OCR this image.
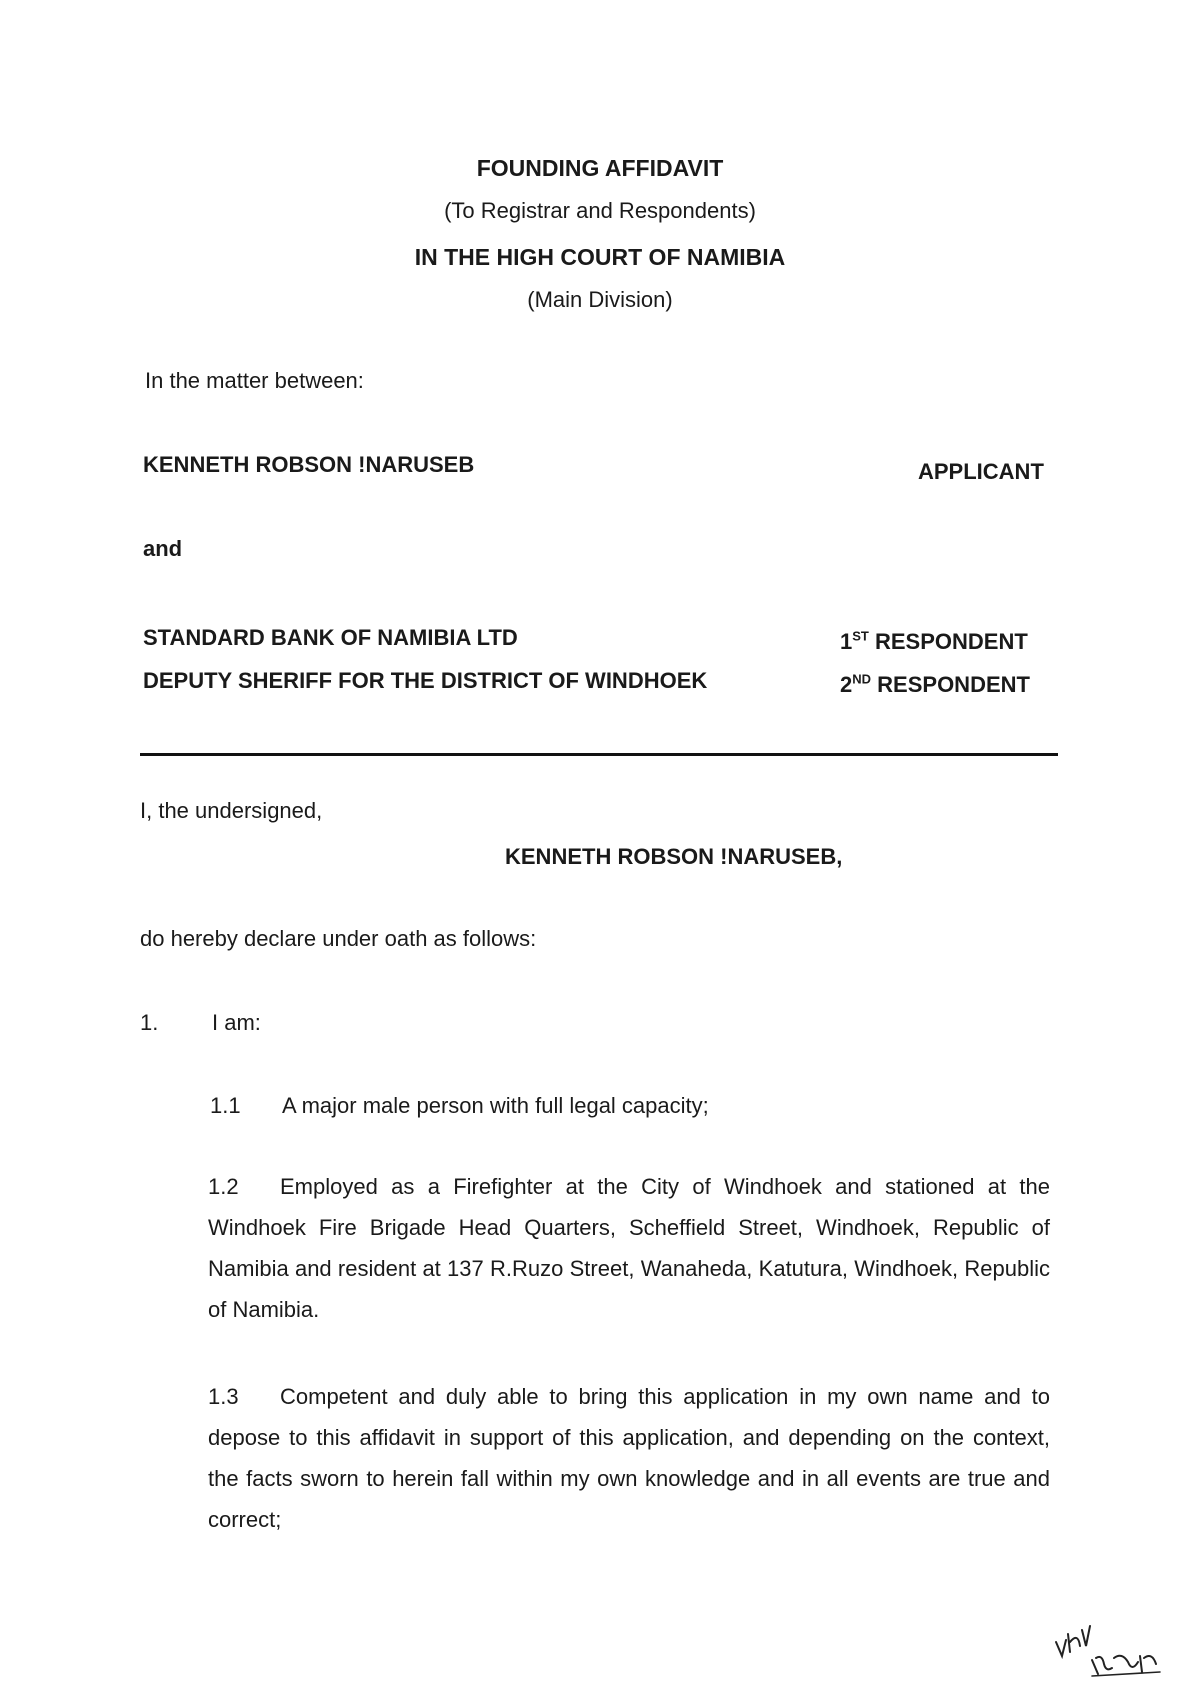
FOUNDING AFFIDAVIT
(To Registrar and Respondents)
IN THE HIGH COURT OF NAMIBIA
(Main Division)
In the matter between:
KENNETH ROBSON !NARUSEB	APPLICANT
and
STANDARD BANK OF NAMIBIA LTD	1ST RESPONDENT
DEPUTY SHERIFF FOR THE DISTRICT OF WINDHOEK	2ND RESPONDENT
I, the undersigned,
KENNETH ROBSON !NARUSEB,
do hereby declare under oath as follows:
1. I am:
1.1 A major male person with full legal capacity;
1.2 Employed as a Firefighter at the City of Windhoek and stationed at the Windhoek Fire Brigade Head Quarters, Scheffield Street, Windhoek, Republic of Namibia and resident at 137 R.Ruzo Street, Wanaheda, Katutura, Windhoek, Republic of Namibia.
1.3 Competent and duly able to bring this application in my own name and to depose to this affidavit in support of this application, and depending on the context, the facts sworn to herein fall within my own knowledge and in all events are true and correct;
